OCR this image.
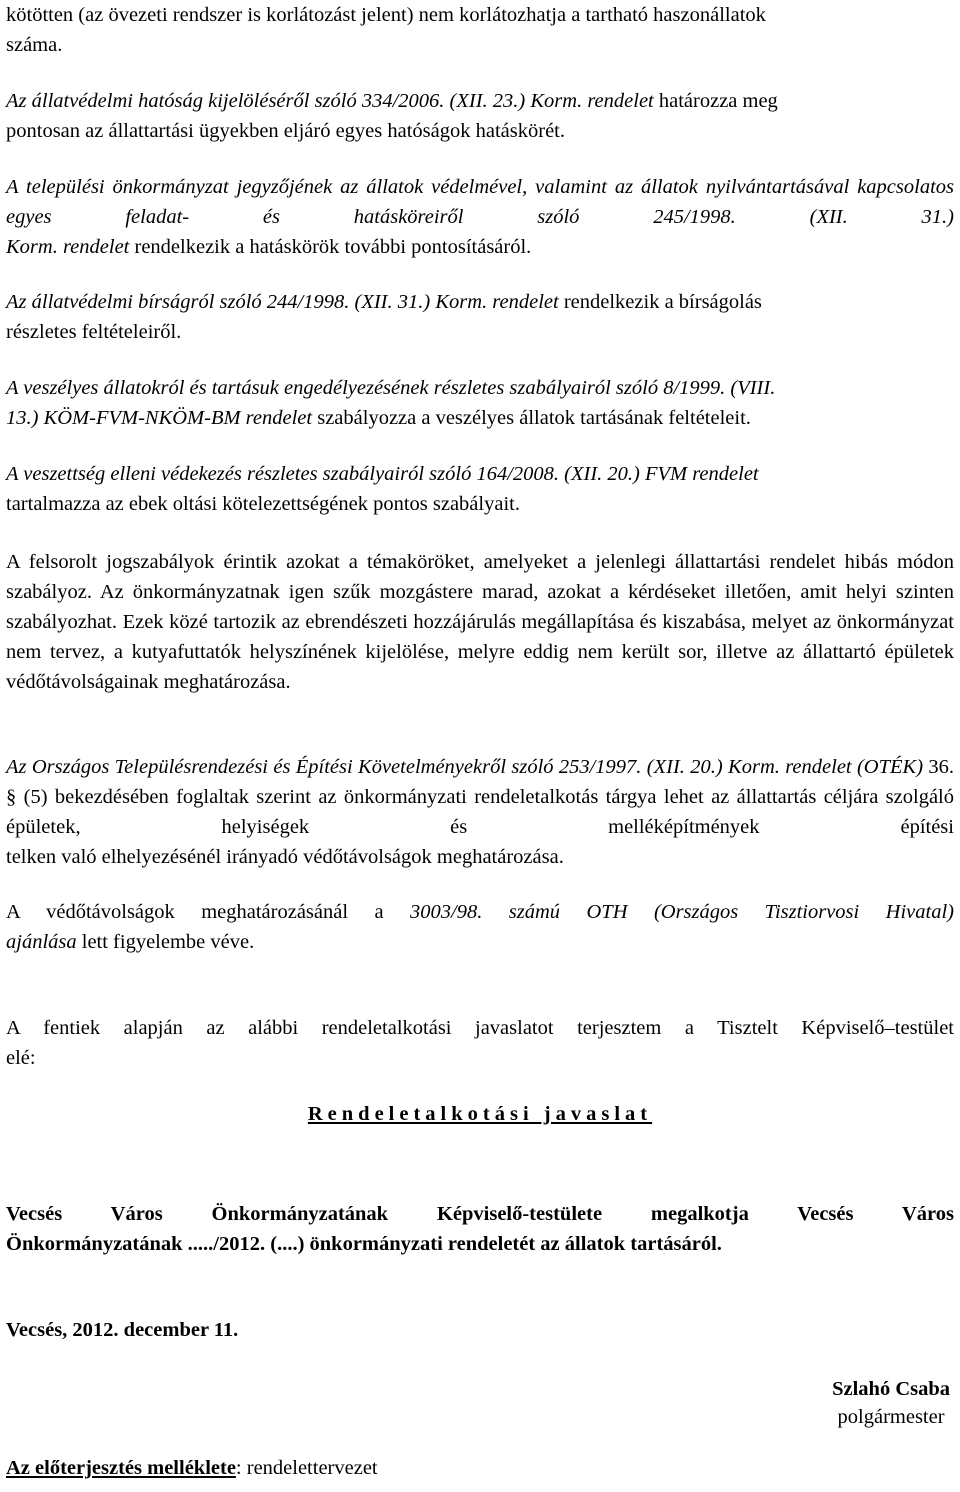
kötötten (az övezeti rendszer is korlátozást jelent) nem korlátozhatja a tartható haszonállatok
száma.

Az állatvédelmi hatóság kijelöléséről szóló 334/2006. (XII. 23.) Korm. rendelet határozza meg
pontosan az állattartási ügyekben eljáró egyes hatóságok hatáskörét.

A települési önkormányzat jegyzőjének az állatok védelmével, valamint az állatok nyilvántartásával kapcsolatos egyes feladat- és hatásköreiről szóló 245/1998. (XII. 31.)
Korm. rendelet rendelkezik a hatáskörök további pontosításáról.

Az állatvédelmi bírságról szóló 244/1998. (XII. 31.) Korm. rendelet rendelkezik a bírságolás
részletes feltételeiről.

A veszélyes állatokról és tartásuk engedélyezésének részletes szabályairól szóló 8/1999. (VIII.
13.) KÖM-FVM-NKÖM-BM rendelet szabályozza a veszélyes állatok tartásának feltételeit.

A veszettség elleni védekezés részletes szabályairól szóló 164/2008. (XII. 20.) FVM rendelet
tartalmazza az ebek oltási kötelezettségének pontos szabályait.

A felsorolt jogszabályok érintik azokat a témaköröket, amelyeket a jelenlegi állattartási rendelet hibás módon szabályoz. Az önkormányzatnak igen szűk mozgástere marad, azokat a kérdéseket illetően, amit helyi szinten szabályozhat. Ezek közé tartozik az ebrendészeti hozzájárulás megállapítása és kiszabása, melyet az önkormányzat nem tervez, a kutyafuttatók helyszínének kijelölése, melyre eddig nem került sor, illetve az állattartó épületek
védőtávolságainak meghatározása.

Az Országos Településrendezési és Építési Követelményekről szóló 253/1997. (XII. 20.) Korm. rendelet (OTÉK) 36. § (5) bekezdésében foglaltak szerint az önkormányzati rendeletalkotás tárgya lehet az állattartás céljára szolgáló épületek, helyiségek és melléképítmények építési
telken való elhelyezésénél irányadó védőtávolságok meghatározása.

A védőtávolságok meghatározásánál a 3003/98. számú OTH (Országos Tisztiorvosi Hivatal)
ajánlása lett figyelembe véve.

A fentiek alapján az alábbi rendeletalkotási javaslatot terjesztem a Tisztelt Képviselő–testület
elé:

Rendeletalkotási javaslat

Vecsés Város Önkormányzatának Képviselő-testülete megalkotja Vecsés Város
Önkormányzatának ...../2012. (....) önkormányzati rendeletét az állatok tartásáról.

Vecsés, 2012. december 11.

Szlahó Csaba
polgármester

Az előterjesztés melléklete: rendelettervezet
